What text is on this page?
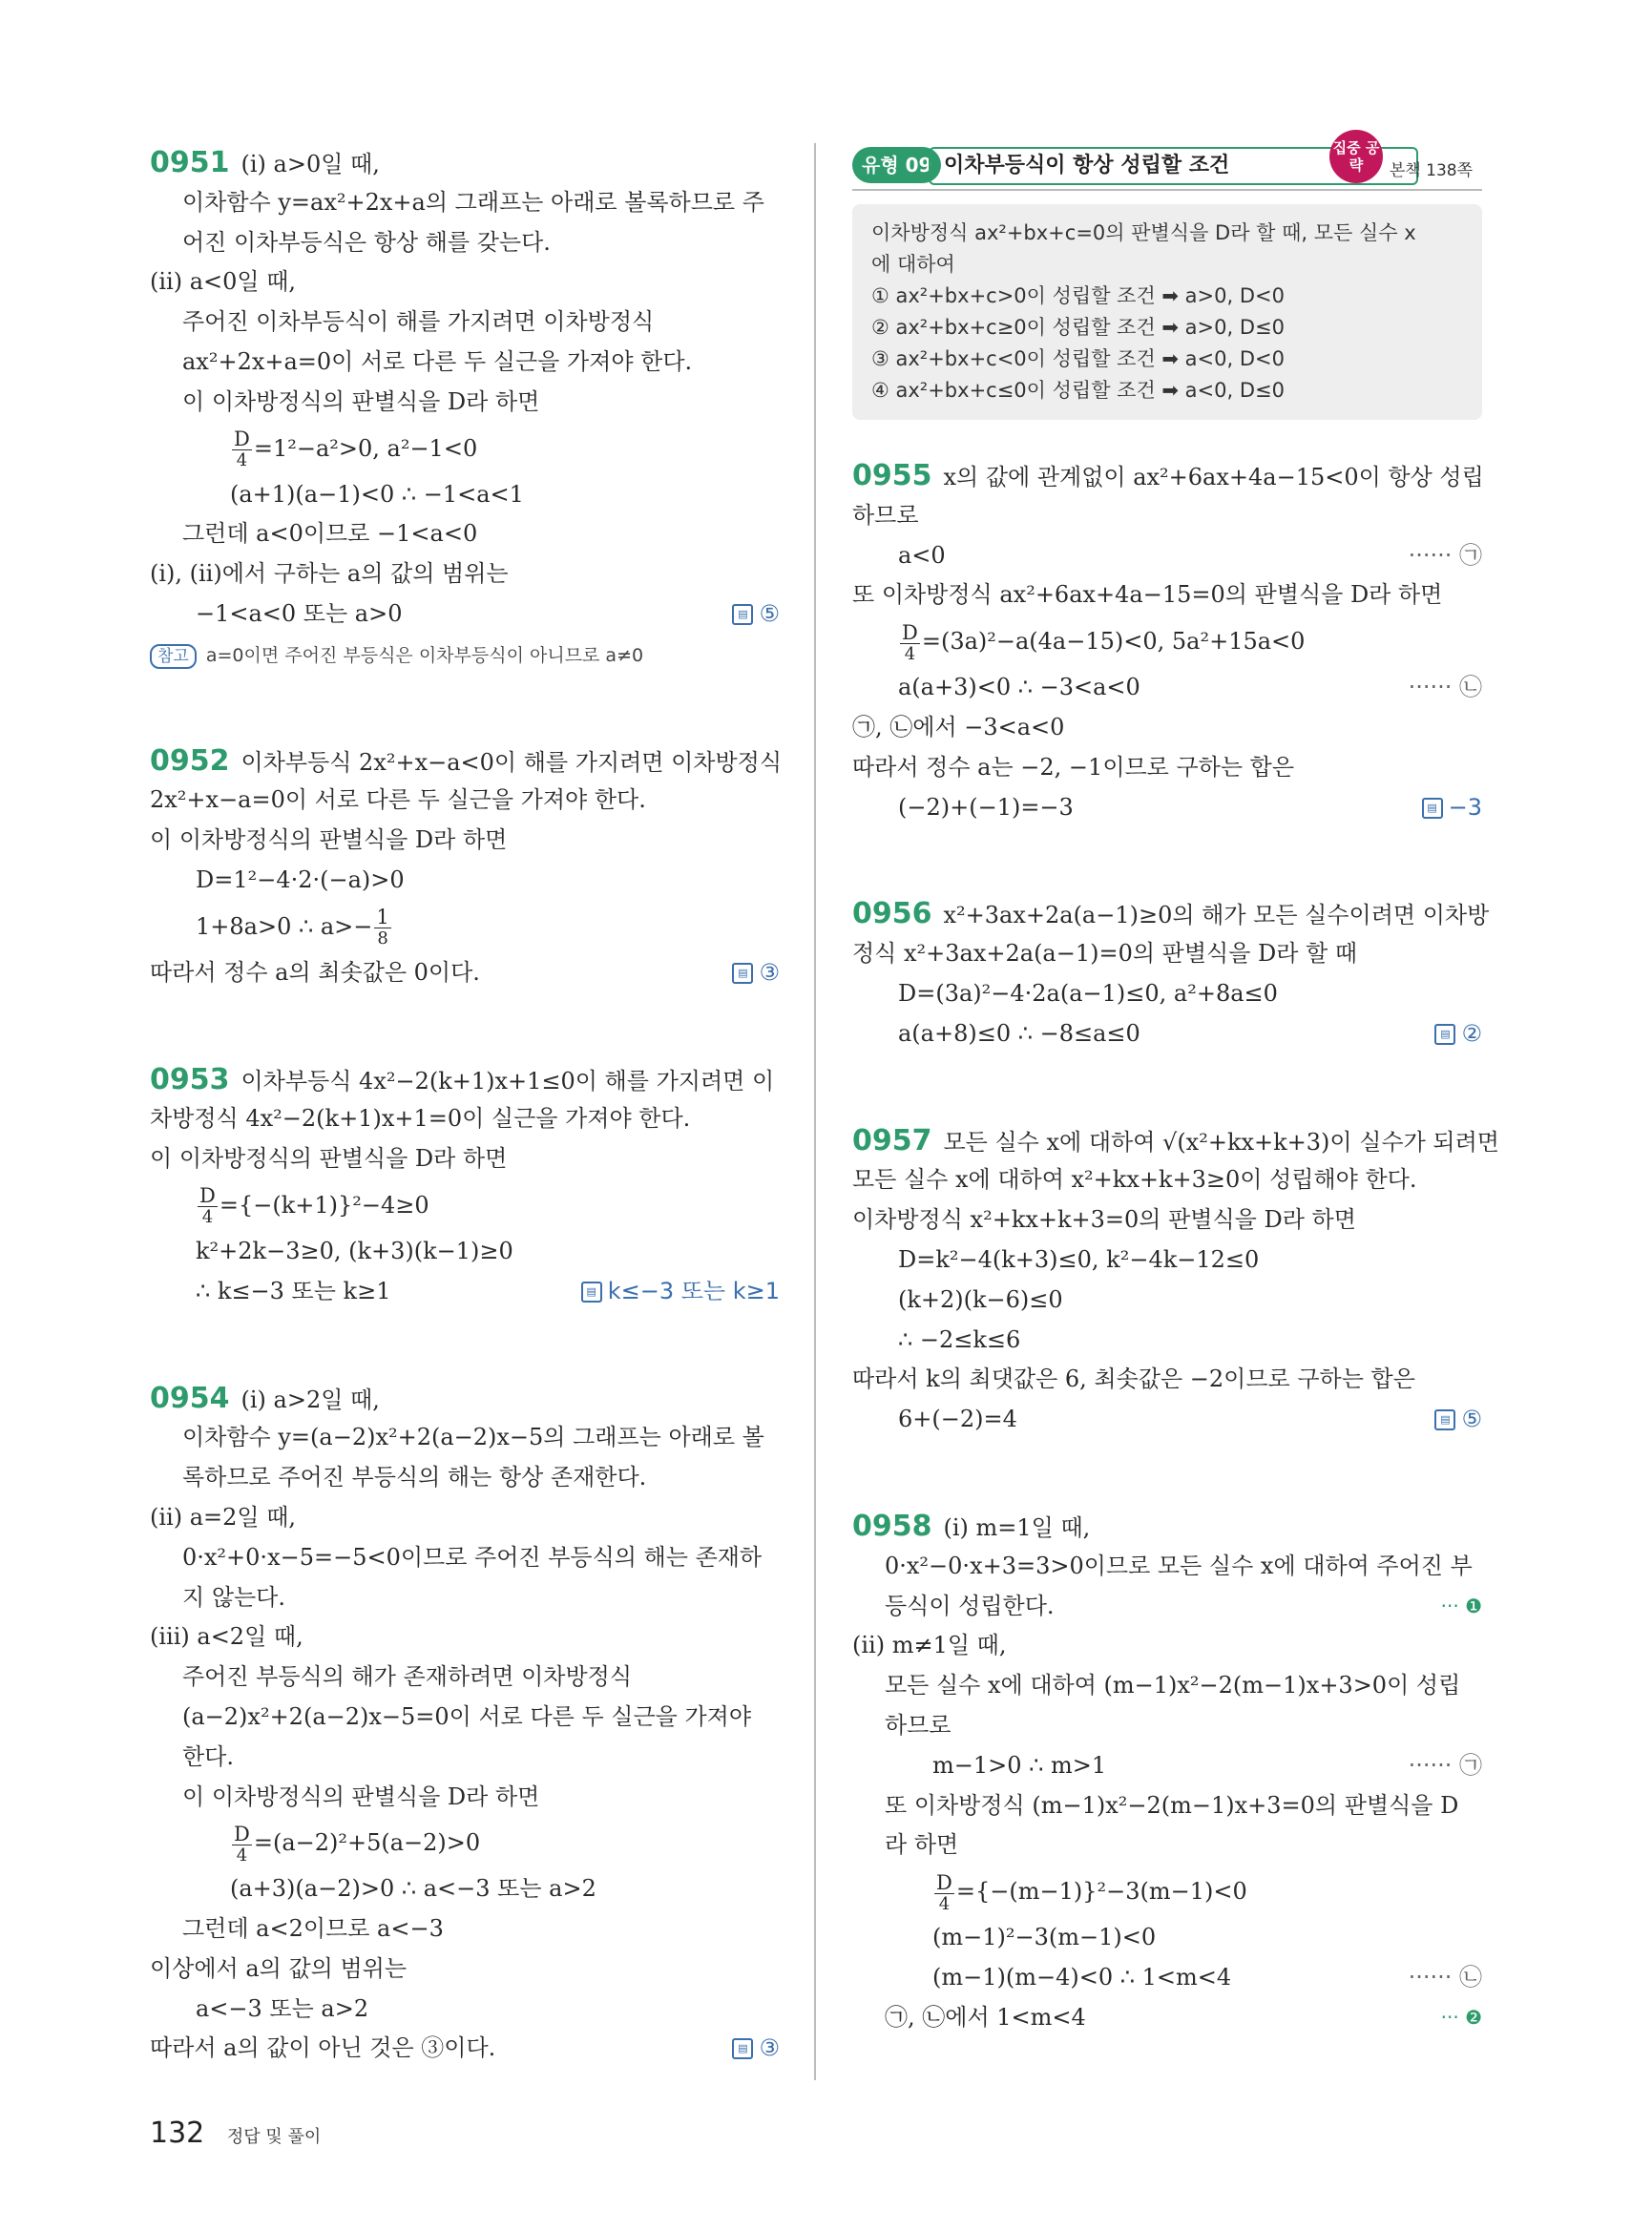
0951 (ⅰ) a>0일 때,
이차함수 y=ax²+2x+a의 그래프는 아래로 볼록하므로 주
어진 이차부등식은 항상 해를 갖는다.
(ⅱ) a<0일 때,
주어진 이차부등식이 해를 가지려면 이차방정식
ax²+2x+a=0이 서로 다른 두 실근을 가져야 한다.
이 이차방정식의 판별식을 D라 하면
$\frac{D}{4} =1^2-a^2>0$, a²−1<0
(a+1)(a−1)<0 ∴ −1<a<1
그런데 a<0이므로 −1<a<0
(ⅰ), (ⅱ)에서 구하는 a의 값의 범위는
−1<a<0 또는 a>0	▤ ⑤
참고 a=0이면 주어진 부등식은 이차부등식이 아니므로 a≠0
0952 이차부등식 2x²+x−a<0이 해를 가지려면 이차방정식
2x²+x−a=0이 서로 다른 두 실근을 가져야 한다.
이 이차방정식의 판별식을 D라 하면
D=1²−4·2·(−a)>0
1+8a>0 ∴ $a>- \frac{1}{8}$
따라서 정수 a의 최솟값은 0이다.	▤ ③
0953 이차부등식 4x²−2(k+1)x+1≤0이 해를 가지려면 이
차방정식 4x²−2(k+1)x+1=0이 실근을 가져야 한다.
이 이차방정식의 판별식을 D라 하면
$\frac{D}{4} =\{-(k+1)\}^2-4\ge 0$
k²+2k−3≥0, (k+3)(k−1)≥0
∴ k≤−3 또는 k≥1	▤ k≤−3 또는 k≥1
0954 (ⅰ) a>2일 때,
이차함수 y=(a−2)x²+2(a−2)x−5의 그래프는 아래로 볼
록하므로 주어진 부등식의 해는 항상 존재한다.
(ⅱ) a=2일 때,
0·x²+0·x−5=−5<0이므로 주어진 부등식의 해는 존재하
지 않는다.
(ⅲ) a<2일 때,
주어진 부등식의 해가 존재하려면 이차방정식
(a−2)x²+2(a−2)x−5=0이 서로 다른 두 실근을 가져야
한다.
이 이차방정식의 판별식을 D라 하면
$\frac{D}{4} =(a-2)^2+5(a-2)>0$
(a+3)(a−2)>0 ∴ a<−3 또는 a>2
그런데 a<2이므로 a<−3
이상에서 a의 값의 범위는
a<−3 또는 a>2
따라서 a의 값이 아닌 것은 ③이다.	▤ ③
유형 09 이차부등식이 항상 성립할 조건
집중 공략	본책 138쪽
이차방정식 ax²+bx+c=0의 판별식을 D라 할 때, 모든 실수 x
에 대하여
① ax²+bx+c>0이 성립할 조건 ➡ a>0, D<0
② ax²+bx+c≥0이 성립할 조건 ➡ a>0, D≤0
③ ax²+bx+c<0이 성립할 조건 ➡ a<0, D<0
④ ax²+bx+c≤0이 성립할 조건 ➡ a<0, D≤0
0955 x의 값에 관계없이 ax²+6ax+4a−15<0이 항상 성립
하므로
a<0	······ ㉠
또 이차방정식 ax²+6ax+4a−15=0의 판별식을 D라 하면
$\frac{D}{4} =(3a)^2-a(4a-15)<0$, 5a²+15a<0
a(a+3)<0 ∴ −3<a<0	······ ㉡
㉠, ㉡에서 −3<a<0
따라서 정수 a는 −2, −1이므로 구하는 합은
(−2)+(−1)=−3	▤ −3
0956 x²+3ax+2a(a−1)≥0의 해가 모든 실수이려면 이차방
정식 x²+3ax+2a(a−1)=0의 판별식을 D라 할 때
D=(3a)²−4·2a(a−1)≤0, a²+8a≤0
a(a+8)≤0 ∴ −8≤a≤0	▤ ②
0957 모든 실수 x에 대하여 √(x²+kx+k+3)이 실수가 되려면
모든 실수 x에 대하여 x²+kx+k+3≥0이 성립해야 한다.
이차방정식 x²+kx+k+3=0의 판별식을 D라 하면
D=k²−4(k+3)≤0, k²−4k−12≤0
(k+2)(k−6)≤0
∴ −2≤k≤6
따라서 k의 최댓값은 6, 최솟값은 −2이므로 구하는 합은
6+(−2)=4	▤ ⑤
0958 (ⅰ) m=1일 때,
0·x²−0·x+3=3>0이므로 모든 실수 x에 대하여 주어진 부
등식이 성립한다.	··· ❶
(ⅱ) m≠1일 때,
모든 실수 x에 대하여 (m−1)x²−2(m−1)x+3>0이 성립
하므로
m−1>0 ∴ m>1	······ ㉠
또 이차방정식 (m−1)x²−2(m−1)x+3=0의 판별식을 D
라 하면
$\frac{D}{4} =\{-(m-1)\}^2-3(m-1)<0$
(m−1)²−3(m−1)<0
(m−1)(m−4)<0 ∴ 1<m<4	······ ㉡
㉠, ㉡에서 1<m<4	··· ❷
132 정답 및 풀이
